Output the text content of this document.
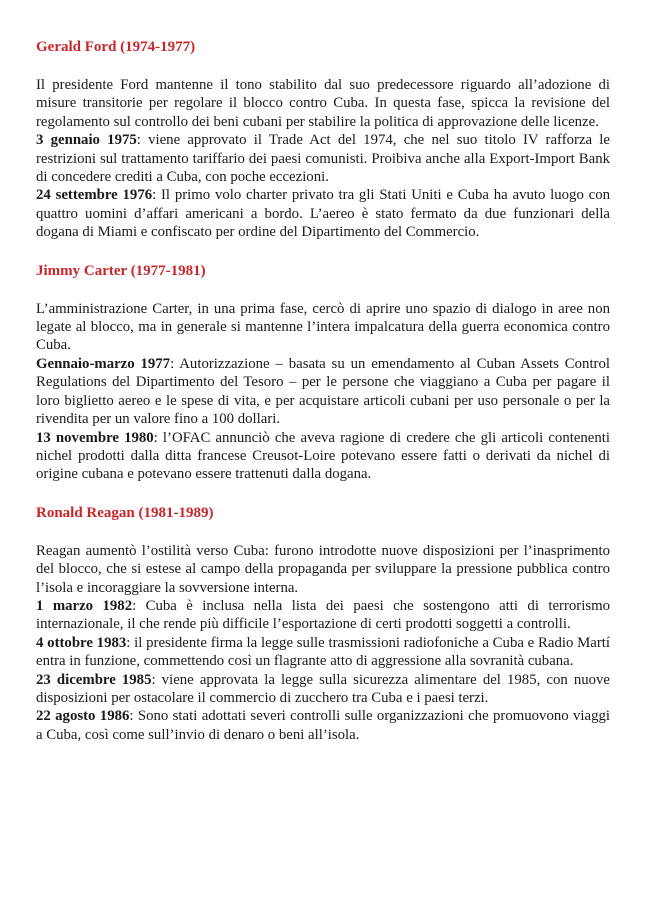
Gerald Ford (1974-1977)

Il presidente Ford mantenne il tono stabilito dal suo predecessore riguardo all’adozione di misure transitorie per regolare il blocco contro Cuba. In questa fase, spicca la revisione del regolamento sul controllo dei beni cubani per stabilire la politica di approvazione delle licenze.

3 gennaio 1975: viene approvato il Trade Act del 1974, che nel suo titolo IV rafforza le restrizioni sul trattamento tariffario dei paesi comunisti. Proibiva anche alla Export-Import Bank di concedere crediti a Cuba, con poche eccezioni.

24 settembre 1976: Il primo volo charter privato tra gli Stati Uniti e Cuba ha avuto luogo con quattro uomini d’affari americani a bordo. L’aereo è stato fermato da due funzionari della dogana di Miami e confiscato per ordine del Dipartimento del Commercio.

Jimmy Carter (1977-1981)

L’amministrazione Carter, in una prima fase, cercò di aprire uno spazio di dialogo in aree non legate al blocco, ma in generale si mantenne l’intera impalcatura della guerra economica contro Cuba.

Gennaio-marzo 1977: Autorizzazione – basata su un emendamento al Cuban Assets Control Regulations del Dipartimento del Tesoro – per le persone che viaggiano a Cuba per pagare il loro biglietto aereo e le spese di vita, e per acquistare articoli cubani per uso personale o per la rivendita per un valore fino a 100 dollari.

13 novembre 1980: l’OFAC annunciò che aveva ragione di credere che gli articoli contenenti nichel prodotti dalla ditta francese Creusot-Loire potevano essere fatti o derivati da nichel di origine cubana e potevano essere trattenuti dalla dogana.

Ronald Reagan (1981-1989)

Reagan aumentò l’ostilità verso Cuba: furono introdotte nuove disposizioni per l’inasprimento del blocco, che si estese al campo della propaganda per sviluppare la pressione pubblica contro l’isola e incoraggiare la sovversione interna.

1 marzo 1982: Cuba è inclusa nella lista dei paesi che sostengono atti di terrorismo internazionale, il che rende più difficile l’esportazione di certi prodotti soggetti a controlli.

4 ottobre 1983: il presidente firma la legge sulle trasmissioni radiofoniche a Cuba e Radio Martí entra in funzione, commettendo così un flagrante atto di aggressione alla sovranità cubana.

23 dicembre 1985: viene approvata la legge sulla sicurezza alimentare del 1985, con nuove disposizioni per ostacolare il commercio di zucchero tra Cuba e i paesi terzi.

22 agosto 1986: Sono stati adottati severi controlli sulle organizzazioni che promuovono viaggi a Cuba, così come sull’invio di denaro o beni all’isola.
